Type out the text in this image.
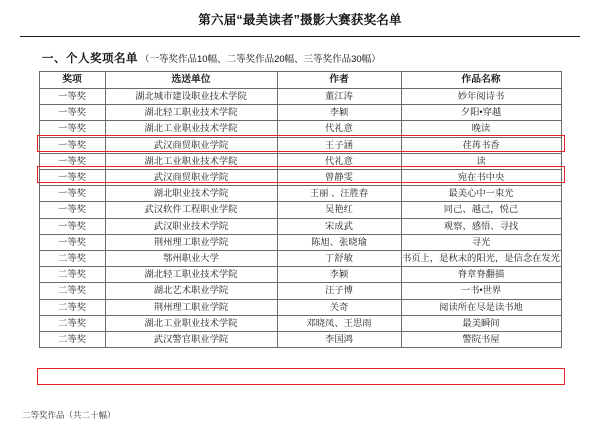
第六届“最美读者”摄影大赛获奖名单
一、个人奖项名单 （一等奖作品10幅、二等奖作品20幅、三等奖作品30幅）
奖项	选送单位	作者	作品名称
一等奖	湖北城市建设职业技术学院	董江涛	妙年阅诗书
一等奖	湖北轻工职业技术学院	李颖	夕阳•穿越
一等奖	湖北工业职业技术学院	代礼意	晚读
一等奖	武汉商贸职业学院	王子涵	荏苒书香
一等奖	湖北工业职业技术学院	代礼意	读
一等奖	武汉商贸职业学院	曾静雯	宛在书中央
一等奖	湖北职业技术学院	王丽 、汪胜春	最美心中一束光
一等奖	武汉软件工程职业学院	吴艳红	同己、越己，悦己
一等奖	武汉职业技术学院	宋成武	观察、感悟、寻找
一等奖	荆州理工职业学院	陈旭、张晓瑜	寻光
二等奖	鄂州职业大学	丁舒敏	书页上，是秋末的阳光，是信念在发光
二等奖	湖北轻工职业技术学院	李颖	脊章脊翻描
二等奖	湖北艺术职业学院	汪子博	一书•世界
二等奖	荆州理工职业学院	关奇	阅读所在尽是读书地
二等奖	湖北工业职业技术学院	邓晓凤、王思雨	最美瞬间
二等奖	武汉警官职业学院	李国鸿	警院书屋
二等奖作品（共二十幅）
